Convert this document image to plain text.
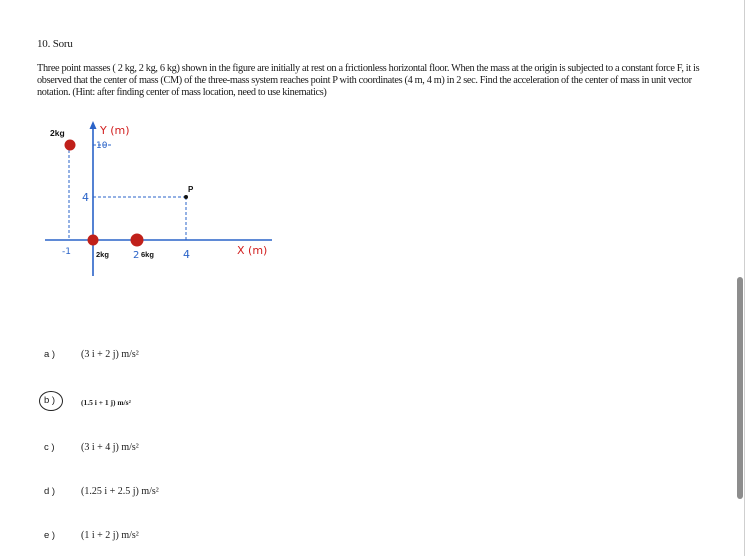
10. Soru
Three point masses ( 2 kg, 2 kg, 6 kg) shown in the figure are initially at rest on a frictionless horizontal floor. When the mass at the origin is subjected to a constant force F, it is observed that the center of mass (CM) of the three-mass system reaches point P with coordinates (4 m, 4 m) in 2 sec. Find the acceleration of the center of mass in unit vector notation. (Hint: after finding center of mass location, need to use kinematics)
2kg	Y (m)
10
4
-1	2kg 2 6kg	4
P
X (m)
a )	(3 i + 2 j) m/s²
b )	(1.5 i + 1 j) m/s²
c )	(3 i + 4 j) m/s²
d )	(1.25 i + 2.5 j) m/s²
e )	(1 i + 2 j) m/s²
